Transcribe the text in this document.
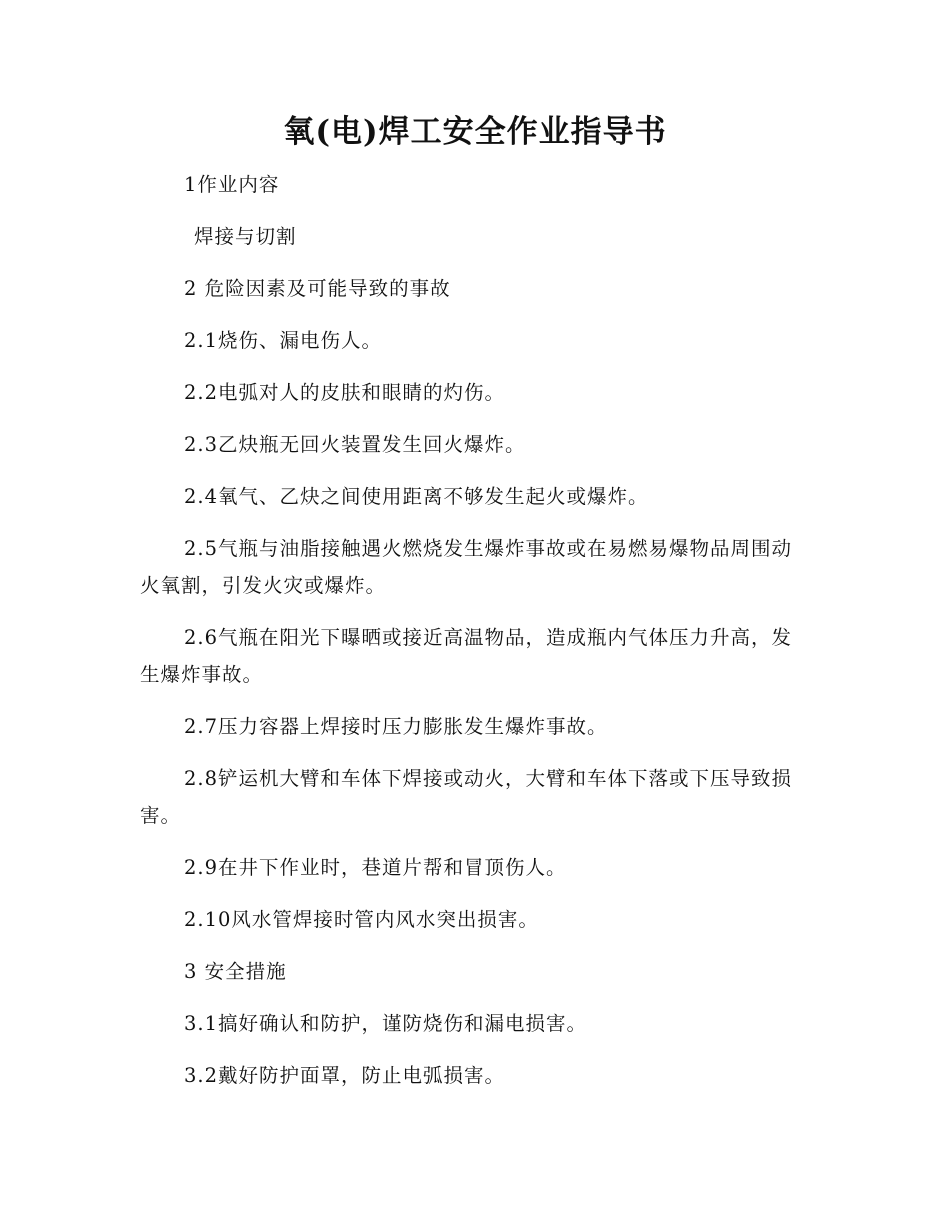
氧(电)焊工安全作业指导书

1作业内容

焊接与切割

2 危险因素及可能导致的事故

2.1烧伤、漏电伤人。

2.2电弧对人的皮肤和眼睛的灼伤。

2.3乙炔瓶无回火装置发生回火爆炸。

2.4氧气、乙炔之间使用距离不够发生起火或爆炸。

2.5气瓶与油脂接触遇火燃烧发生爆炸事故或在易燃易爆物品周围动火氧割，引发火灾或爆炸。

2.6气瓶在阳光下曝晒或接近高温物品，造成瓶内气体压力升高，发生爆炸事故。

2.7压力容器上焊接时压力膨胀发生爆炸事故。

2.8铲运机大臂和车体下焊接或动火，大臂和车体下落或下压导致损害。

2.9在井下作业时，巷道片帮和冒顶伤人。

2.10风水管焊接时管内风水突出损害。

3 安全措施

3.1搞好确认和防护，谨防烧伤和漏电损害。

3.2戴好防护面罩，防止电弧损害。
